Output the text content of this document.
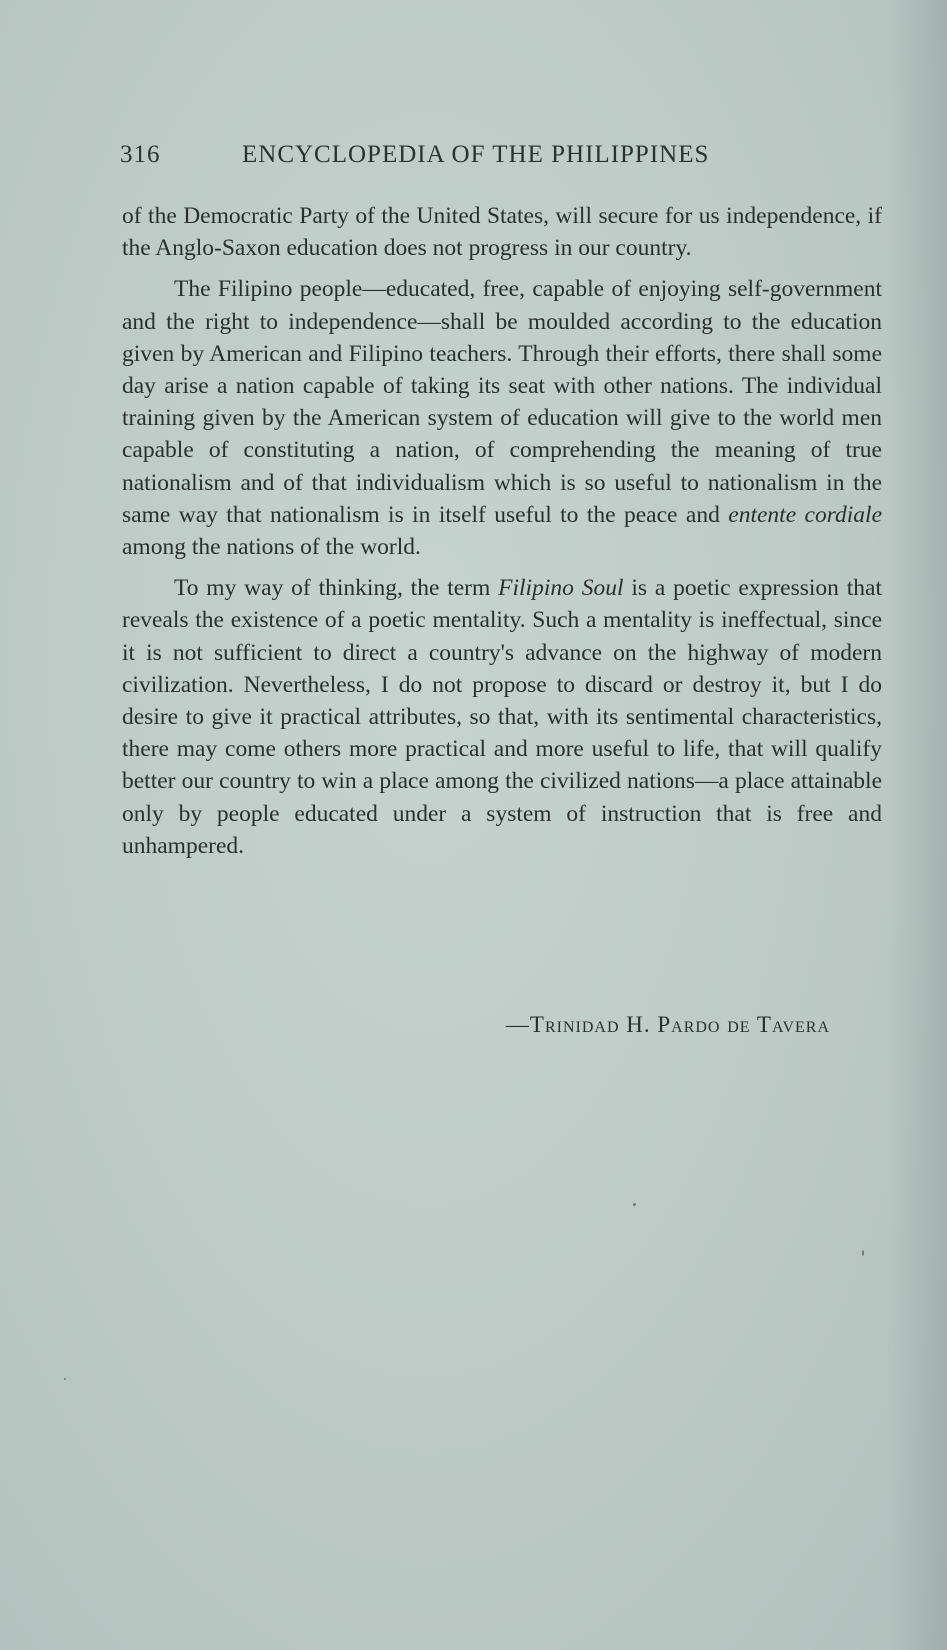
316	ENCYCLOPEDIA OF THE PHILIPPINES

of the Democratic Party of the United States, will secure for us independence, if the Anglo-Saxon education does not progress in our country.

The Filipino people—educated, free, capable of enjoying self-government and the right to independence—shall be moulded according to the education given by American and Filipino teachers. Through their efforts, there shall some day arise a nation capable of taking its seat with other nations. The individual training given by the American system of education will give to the world men capable of constituting a nation, of comprehending the meaning of true nationalism and of that individualism which is so useful to nationalism in the same way that nationalism is in itself useful to the peace and entente cordiale among the nations of the world.

To my way of thinking, the term Filipino Soul is a poetic expression that reveals the existence of a poetic mentality. Such a mentality is ineffectual, since it is not sufficient to direct a country's advance on the highway of modern civilization. Nevertheless, I do not propose to discard or destroy it, but I do desire to give it practical attributes, so that, with its sentimental characteristics, there may come others more practical and more useful to life, that will qualify better our country to win a place among the civilized nations—a place attainable only by people educated under a system of instruction that is free and unhampered.

—Trinidad H. Pardo de Tavera
